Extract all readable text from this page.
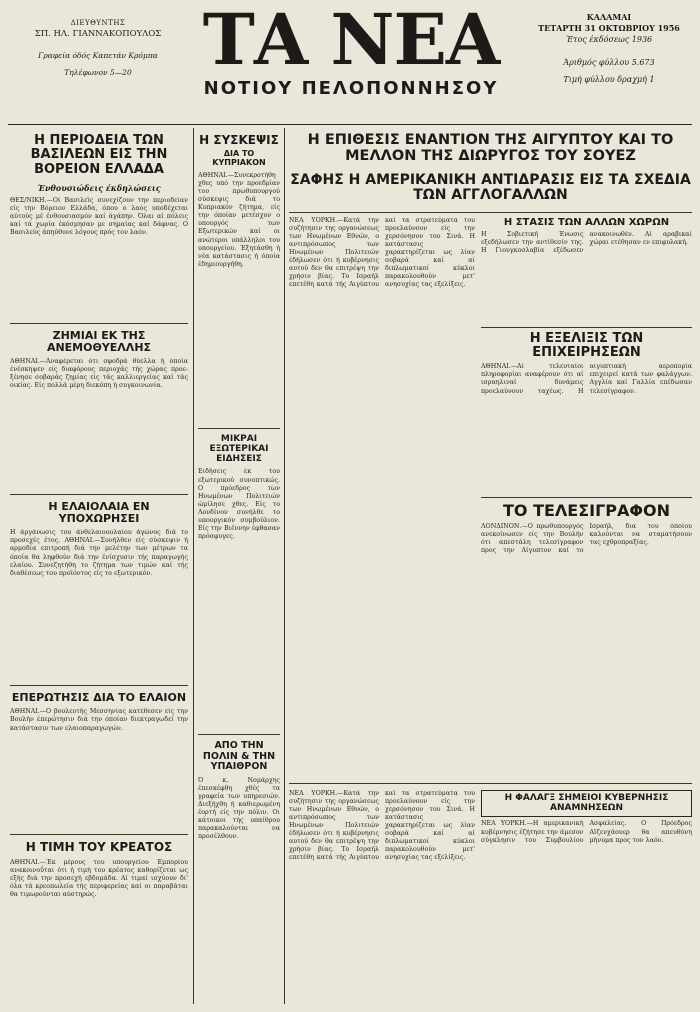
ΔΙΕΥΘΥΝΤΗΣ
ΣΠ. ΗΛ. ΓΙΑΝΝΑΚΟΠΟΥΛΟΣ
Γραφεία όδός Καπετάν Κρόμπα
Τηλέφωνον 5—20	ΤΑ ΝΕΑ
ΝΟΤΙΟΥ ΠΕΛΟΠΟΝΝΗΣΟΥ
ΚΑΛΑΜΑΙ
ΤΕΤΑΡΤΗ 31 ΟΚΤΩΒΡΙΟΥ 1956
Έτος έκδόσεως 1936
Άριθμός φύλλου 5.673
Τιμή φύλλου δραχμή 1
Η ΠΕΡΙΟΔΕΙΑ ΤΩΝ ΒΑΣΙΛΕΩΝ ΕΙΣ ΤΗΝ ΒΟΡΕΙΟΝ ΕΛΛΑΔΑ
Ένθουσιώδεις έκδηλώσεις
ΘΕΣ/ΝΙΚΗ.—Οί Βασιλεΐς συνεχίζουν την περιοδείαν είς την Βόρειον Ελλάδα, όπου ο λαός υποδέχεται αύτούς μέ ένθουσιασμόν καί άγάπην. Όλαι αί πόλεις καί τά χωρία έκόσμησαν με σημαίας καί δάφνας. Ο Βασιλεύς άπηύθυνε λόγους πρός τον λαόν.
ΖΗΜΙΑΙ ΕΚ ΤΗΣ ΑΝΕΜΟΘΥΕΛΛΗΣ
ΑΘΗΝΑΙ.—Άναφέρεται ότι σφοδρά θύελλα ή όποία ένέσκηψεν είς διαφόρους περιοχάς τής χώρας προεξένησε σοβαράς ζημίας είς τάς καλλιεργείας καί τάς οικίας. Είς πολλά μέρη διεκόπη ή συγκοινωνία.
Η ΕΛΑΙΟΛΑΙΑ ΕΝ ΥΠΟΧΩΡΗΣΕΙ
Η άργάνωσις του άνθελαιοουλαίου άγώνος διά το προσεχές έτος. ΑΘΗΝΑΙ.—Συνήλθεν είς σύσκεψιν ή αρμοδία επιτροπή διά την μελέτην των μέτρων τα όποία θα ληφθούν διά την ένίσχυσιν τής παραγωγής ελαίου. Συνεζητήθη το ζήτημα των τιμών καί τής διαθέσεως του προϊόντος είς το εξωτερικόν.
ΕΠΕΡΩΤΗΣΙΣ ΔΙΑ ΤΟ ΕΛΑΙΟΝ
ΑΘΗΝΑΙ.—Ο βουλευτής Μεσσηνίας κατέθεσεν είς την Βουλήν έπερώτησιν διά την όποίαν διεκτραγωδεί την κατάστασιν των ελαιοπαραγωγών.
Η ΤΙΜΗ ΤΟΥ ΚΡΕΑΤΟΣ
ΑΘΗΝΑΙ.—Έκ μέρους του υπουργείου Έμπορίου ανακοινοΰται ότι ή τιμή του κρέατος καθορίζεται ως εξής διά την προσεχή εβδομάδα. Αί τιμαί ισχύουν δι' όλα τά κρεοπωλεία τής περιφερείας καί οι παραβάται θα τιμωρούνται αύστηρώς.
Η ΣΥΣΚΕΨΙΣ
ΔΙΑ ΤΟ ΚΥΠΡΙΑΚΟΝ
ΑΘΗΝΑΙ.—Συνεκροτήθη χθες υπό την προεδρίαν του πρωθυπουργού σύσκεψις διά το Κυπριακόν ζήτημα, είς την όποίαν μετέσχον ο υπουργός των Εξωτερικών καί οι ανώτεροι υπάλληλοι του υπουργείου. Έξητάσθη ή νέα κατάστασις ή όποία έδημιουργήθη.
ΜΙΚΡΑΙ ΕΞΩΤΕΡΙΚΑΙ ΕΙΔΗΣΕΙΣ
Ειδήσεις έκ του εξωτερικού συνοπτικώς. Ο πρόεδρος των Ηνωμένων Πολιτειών ώμίλησε χθες. Είς το Λονδίνον συνήλθε το υπουργικόν συμβούλιον. Είς την Βιέννην έφθασαν πρόσφυγες.
ΑΠΟ ΤΗΝ ΠΟΛΙΝ & ΤΗΝ ΥΠΑΙΘΡΟΝ
Ό κ. Νομάρχης έπεσκέφθη χθές τα γραφεία των υπηρεσιών. Διεξήχθη ή καθιερωμένη έορτή είς την πόλιν. Οι κάτοικοι τής υπαίθρου παρακαλούνται να προσέλθουν.
Η ΕΠΙΘΕΣΙΣ ΕΝΑΝΤΙΟΝ ΤΗΣ ΑΙΓΥΠΤΟΥ ΚΑΙ ΤΟ ΜΕΛΛΟΝ ΤΗΣ ΔΙΩΡΥΓΟΣ ΤΟΥ ΣΟΥΕΖ
ΣΑΦΗΣ Η ΑΜΕΡΙΚΑΝΙΚΗ ΑΝΤΙΔΡΑΣΙΣ ΕΙΣ ΤΑ ΣΧΕΔΙΑ ΤΩΝ ΑΓΓΛΟΓΑΛΛΩΝ
ΝΕΑ ΥΟΡΚΗ.—Κατά την συζήτησιν της οργανώσεως των Ηνωμένων Εθνών, ο αντιπρόσωπος των Ηνωμένων Πολιτειών έδήλωσεν ότι ή κυβέρνησις αυτού δεν θα επιτρέψη την χρήσιν βίας. Το Ισραήλ επετέθη κατά τής Αιγύπτου καί τα στρατεύματα του προελαύνουν είς την χερσόνησον του Σινά. Η κατάστασις χαρακτηρίζεται ως λίαν σοβαρά καί αί διπλωματικοί κύκλοι παρακολουθούν μετ' ανησυχίας τας εξελίξεις.
Η ΣΤΑΣΙΣ ΤΩΝ ΑΛΛΩΝ ΧΩΡΩΝ
Η Σοβιετική Ένωσις εξεδήλωσεν την αντίθεσίν της. Η Γιουγκοσλαβία εξέδωσεν ανακοινωθέν. Αί αραβικαί χώραι ετέθησαν εν επιφυλακή.
Η ΕΞΕΛΙΞΙΣ ΤΩΝ ΕΠΙΧΕΙΡΗΣΕΩΝ
ΑΘΗΝΑΙ.—Αί τελευταίοι πληροφορίαι αναφέρουν ότι αί ισραηλιναί δυνάμεις προελαύνουν ταχέως. Η αιγυπτιακή αεροπορία επιχειρεί κατά των φαλάγγων. Αγγλία καί Γαλλία επέδωσαν τελεσίγραφον.
ΤΟ ΤΕΛΕΣΙΓΡΑΦΟΝ
ΛΟΝΔΙΝΟΝ.—Ο πρωθυπουργός ανεκοίνωσεν είς την Βουλήν ότι απεστάλη τελεσίγραφον προς την Αίγυπτον καί το Ισραήλ, δια του όποίου καλούνται να σταματήσουν τας εχθροπραξίας.
ΝΕΑ ΥΟΡΚΗ.—Κατά την συζήτησιν της οργανώσεως των Ηνωμένων Εθνών, ο αντιπρόσωπος των Ηνωμένων Πολιτειών έδήλωσεν ότι ή κυβέρνησις αυτού δεν θα επιτρέψη την χρήσιν βίας. Το Ισραήλ επετέθη κατά τής Αιγύπτου καί τα στρατεύματα του προελαύνουν είς την χερσόνησον του Σινά. Η κατάστασις χαρακτηρίζεται ως λίαν σοβαρά καί αί διπλωματικοί κύκλοι παρακολουθούν μετ' ανησυχίας τας εξελίξεις.
Η ΦΑΛΑΓΞ ΣΗΜΕΙΟΙ ΚΥΒΕΡΝΗΣΙΣ ΑΝΑΜΝΗΣΕΩΝ
ΝΕΑ ΥΟΡΚΗ.—Η αμερικανική κυβέρνησις έζήτησε την άμεσον σύγκλησιν του Συμβουλίου Ασφαλείας. Ο Πρόεδρος Αϊζενχάουερ θα απευθύνη μήνυμα προς τον λαόν.
